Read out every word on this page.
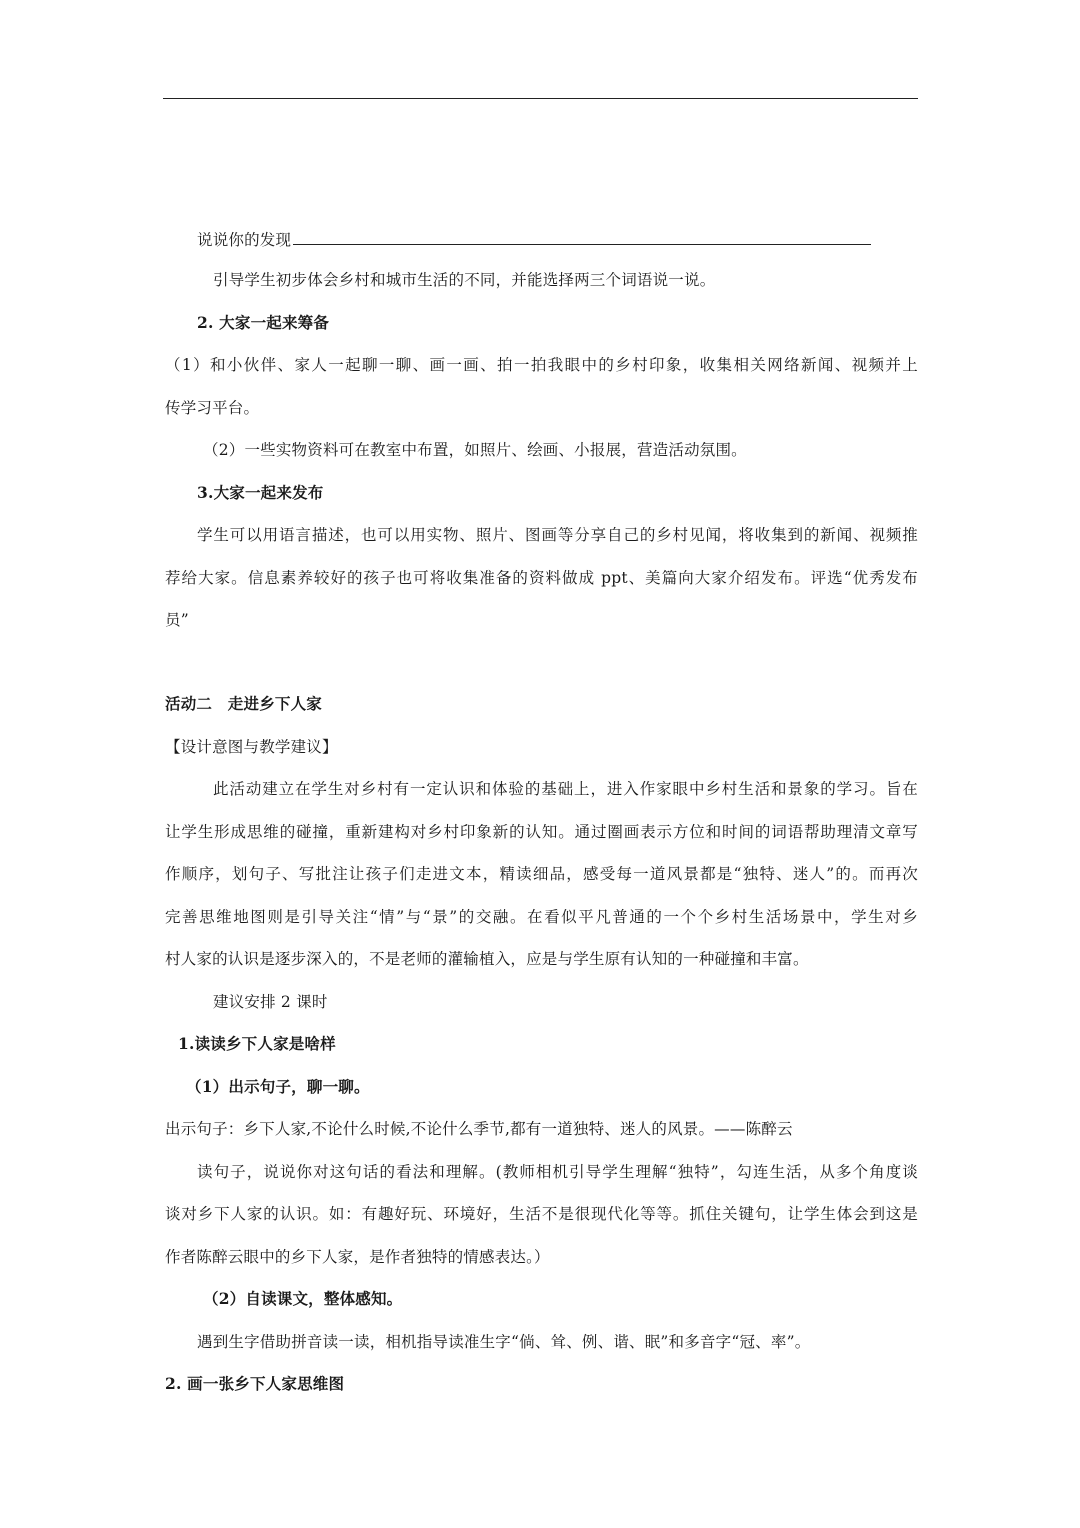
说说你的发现
引导学生初步体会乡村和城市生活的不同，并能选择两三个词语说一说。
2. 大家一起来筹备
（1）和小伙伴、家人一起聊一聊、画一画、拍一拍我眼中的乡村印象，收集相关网络新闻、视频并上
传学习平台。
（2）一些实物资料可在教室中布置，如照片、绘画、小报展，营造活动氛围。
3.大家一起来发布
学生可以用语言描述，也可以用实物、照片、图画等分享自己的乡村见闻，将收集到的新闻、视频推
荐给大家。信息素养较好的孩子也可将收集准备的资料做成 ppt、美篇向大家介绍发布。评选“优秀发布
员”
活动二　走进乡下人家
【设计意图与教学建议】
此活动建立在学生对乡村有一定认识和体验的基础上，进入作家眼中乡村生活和景象的学习。旨在
让学生形成思维的碰撞，重新建构对乡村印象新的认知。通过圈画表示方位和时间的词语帮助理清文章写
作顺序，划句子、写批注让孩子们走进文本，精读细品，感受每一道风景都是“独特、迷人”的。而再次
完善思维地图则是引导关注“情”与“景”的交融。在看似平凡普通的一个个乡村生活场景中，学生对乡
村人家的认识是逐步深入的，不是老师的灌输植入，应是与学生原有认知的一种碰撞和丰富。
建议安排 2 课时
1.读读乡下人家是啥样
（1）出示句子，聊一聊。
出示句子：乡下人家,不论什么时候,不论什么季节,都有一道独特、迷人的风景。——陈醉云
读句子，说说你对这句话的看法和理解。(教师相机引导学生理解“独特”，勾连生活，从多个角度谈
谈对乡下人家的认识。如：有趣好玩、环境好，生活不是很现代化等等。抓住关键句，让学生体会到这是
作者陈醉云眼中的乡下人家，是作者独特的情感表达。）
（2）自读课文，整体感知。
遇到生字借助拼音读一读，相机指导读准生字“倘、耸、例、谐、眠”和多音字“冠、率”。
2. 画一张乡下人家思维图
